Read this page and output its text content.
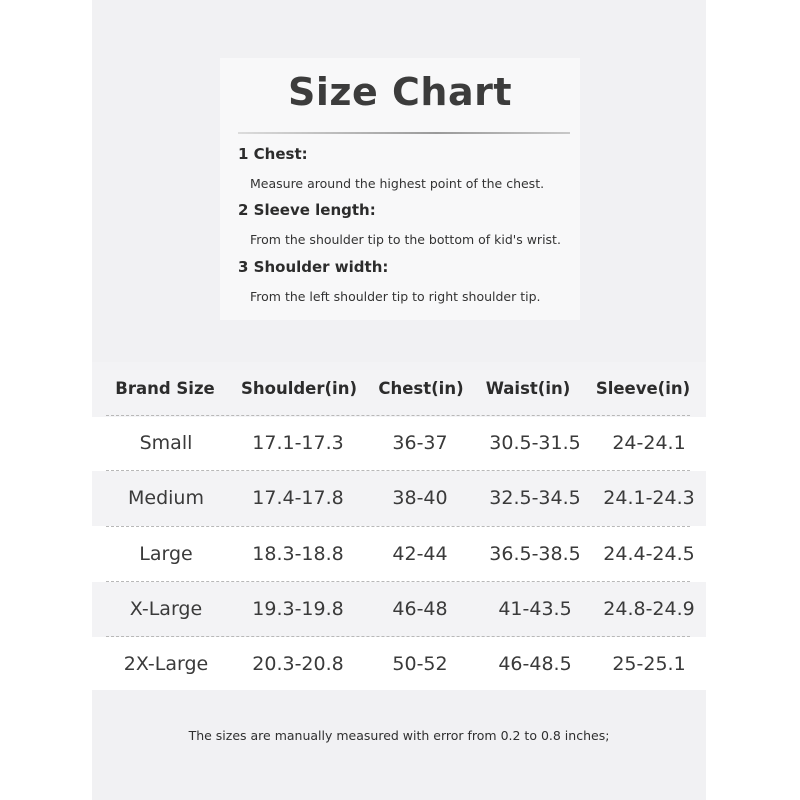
Size Chart
1 Chest:
Measure around the highest point of the chest.
2 Sleeve length:
From the shoulder tip to the bottom of kid's wrist.
3 Shoulder width:
From the left shoulder tip to right shoulder tip.
Brand Size	Shoulder(in)	Chest(in)	Waist(in)	Sleeve(in)
Small	17.1-17.3	36-37	30.5-31.5	24-24.1
Medium	17.4-17.8	38-40	32.5-34.5	24.1-24.3
Large	18.3-18.8	42-44	36.5-38.5	24.4-24.5
X-Large	19.3-19.8	46-48	41-43.5	24.8-24.9
2X-Large	20.3-20.8	50-52	46-48.5	25-25.1
The sizes are manually measured with error from 0.2 to 0.8 inches;
